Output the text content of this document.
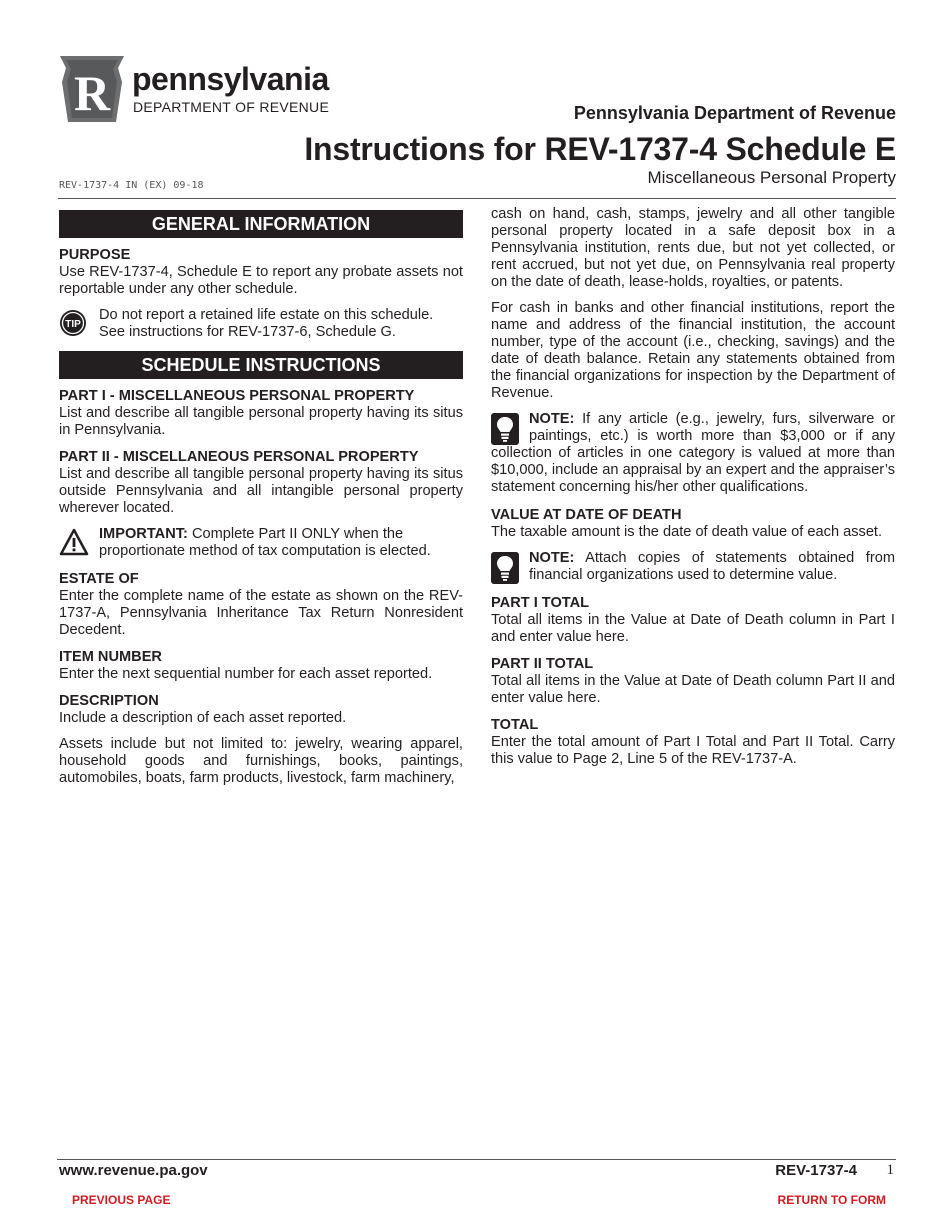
R pennsylvania
DEPARTMENT OF REVENUE	Pennsylvania Department of Revenue
Instructions for REV-1737-4 Schedule E
Miscellaneous Personal Property
REV-1737-4 IN (EX) 09-18
GENERAL INFORMATION
PURPOSE

Use REV-1737-4, Schedule E to report any probate assets not reportable under any other schedule.

TIP
Do not report a retained life estate on this schedule. See instructions for REV-1737-6, Schedule G.
SCHEDULE INSTRUCTIONS
PART I - MISCELLANEOUS PERSONAL PROPERTY

List and describe all tangible personal property having its situs in Pennsylvania.

PART II - MISCELLANEOUS PERSONAL PROPERTY

List and describe all tangible personal property having its situs outside Pennsylvania and all intangible personal property wherever located.

IMPORTANT: Complete Part II ONLY when the proportionate method of tax computation is elected.
ESTATE OF

Enter the complete name of the estate as shown on the REV-1737-A, Pennsylvania Inheritance Tax Return Nonresident Decedent.

ITEM NUMBER

Enter the next sequential number for each asset reported.

DESCRIPTION

Include a description of each asset reported.

Assets include but not limited to: jewelry, wearing apparel, household goods and furnishings, books, paintings, automobiles, boats, farm products, livestock, farm machinery,

cash on hand, cash, stamps, jewelry and all other tangible personal property located in a safe deposit box in a Pennsylvania institution, rents due, but not yet collected, or rent accrued, but not yet due, on Pennsylvania real property on the date of death, lease-holds, royalties, or patents.

For cash in banks and other financial institutions, report the name and address of the financial institution, the account number, type of the account (i.e., checking, savings) and the date of death balance. Retain any statements obtained from the financial organizations for inspection by the Department of Revenue.

NOTE: If any article (e.g., jewelry, furs, silverware or paintings, etc.) is worth more than $3,000 or if any collection of articles in one category is valued at more than $10,000, include an appraisal by an expert and the appraiser’s statement concerning his/her other qualifications.
VALUE AT DATE OF DEATH

The taxable amount is the date of death value of each asset.

NOTE: Attach copies of statements obtained from financial organizations used to determine value.
PART I TOTAL

Total all items in the Value at Date of Death column in Part I and enter value here.

PART II TOTAL

Total all items in the Value at Date of Death column Part II and enter value here.

TOTAL

Enter the total amount of Part I Total and Part II Total. Carry this value to Page 2, Line 5 of the REV-1737-A.

www.revenue.pa.gov	REV-1737-4 1
PREVIOUS PAGE	RETURN TO FORM
